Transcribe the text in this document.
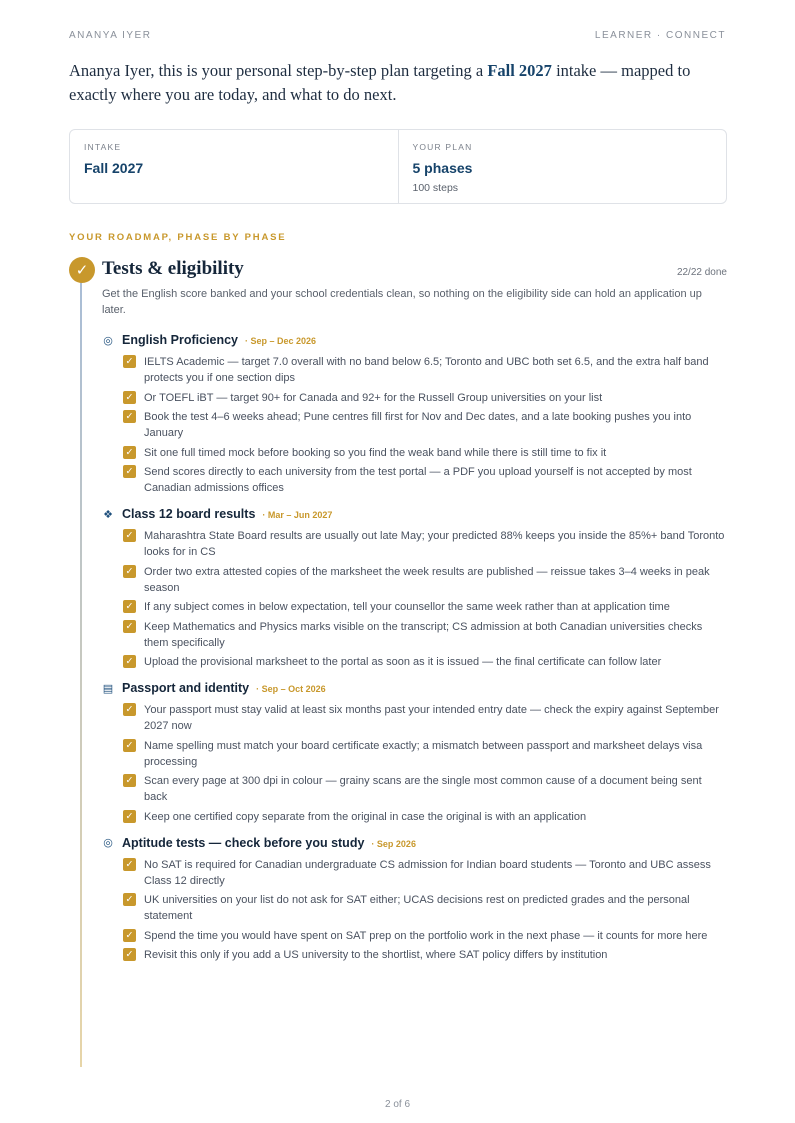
ANANYA IYER	LEARNER · CONNECT

Ananya Iyer, this is your personal step-by-step plan targeting a Fall 2027 intake — mapped to exactly where you are today, and what to do next.

INTAKE
Fall 2027
YOUR PLAN
5 phases
100 steps
YOUR ROADMAP, PHASE BY PHASE
✓ Tests & eligibility	22/22 done
Get the English score banked and your school credentials clean, so nothing on the eligibility side can hold an application up later.
◎ English Proficiency · Sep – Dec 2026
✓ IELTS Academic — target 7.0 overall with no band below 6.5; Toronto and UBC both set 6.5, and the extra half band protects you if one section dips
✓ Or TOEFL iBT — target 90+ for Canada and 92+ for the Russell Group universities on your list
✓ Book the test 4–6 weeks ahead; Pune centres fill first for Nov and Dec dates, and a late booking pushes you into January
✓ Sit one full timed mock before booking so you find the weak band while there is still time to fix it
✓ Send scores directly to each university from the test portal — a PDF you upload yourself is not accepted by most Canadian admissions offices
❖ Class 12 board results · Mar – Jun 2027
✓ Maharashtra State Board results are usually out late May; your predicted 88% keeps you inside the 85%+ band Toronto looks for in CS
✓ Order two extra attested copies of the marksheet the week results are published — reissue takes 3–4 weeks in peak season
✓ If any subject comes in below expectation, tell your counsellor the same week rather than at application time
✓ Keep Mathematics and Physics marks visible on the transcript; CS admission at both Canadian universities checks them specifically
✓ Upload the provisional marksheet to the portal as soon as it is issued — the final certificate can follow later
▤ Passport and identity · Sep – Oct 2026
✓ Your passport must stay valid at least six months past your intended entry date — check the expiry against September 2027 now
✓ Name spelling must match your board certificate exactly; a mismatch between passport and marksheet delays visa processing
✓ Scan every page at 300 dpi in colour — grainy scans are the single most common cause of a document being sent back
✓ Keep one certified copy separate from the original in case the original is with an application
◎ Aptitude tests — check before you study · Sep 2026
✓ No SAT is required for Canadian undergraduate CS admission for Indian board students — Toronto and UBC assess Class 12 directly
✓ UK universities on your list do not ask for SAT either; UCAS decisions rest on predicted grades and the personal statement
✓ Spend the time you would have spent on SAT prep on the portfolio work in the next phase — it counts for more here
✓ Revisit this only if you add a US university to the shortlist, where SAT policy differs by institution
2 of 6
